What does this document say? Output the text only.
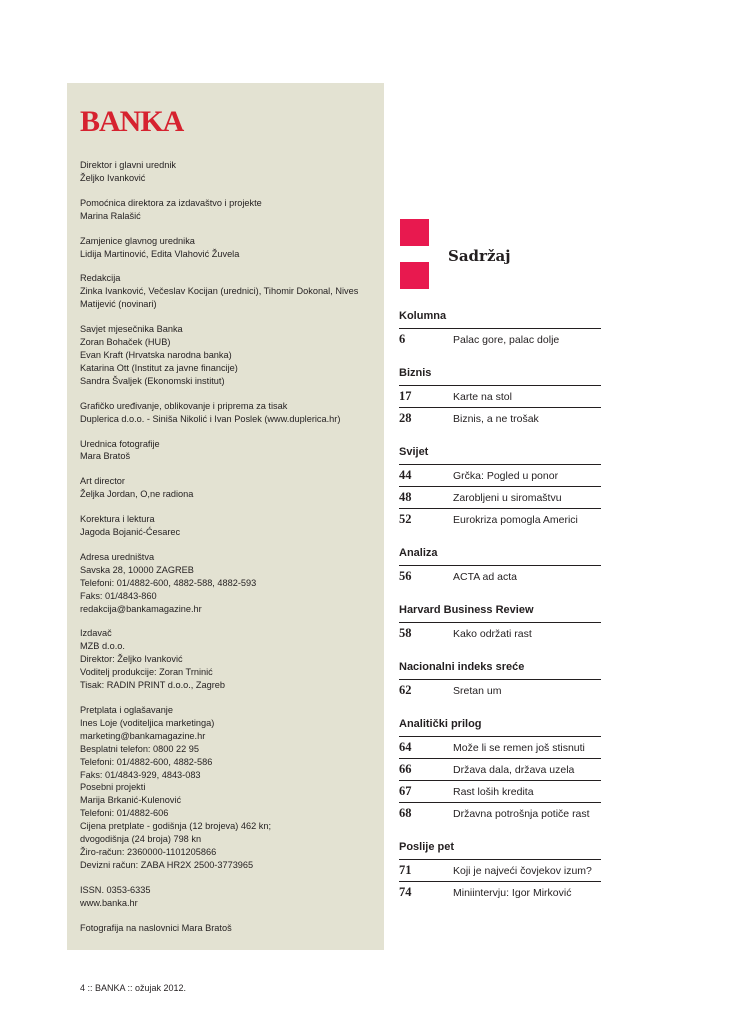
BANKA
Direktor i glavni urednik
Željko Ivanković
Pomoćnica direktora za izdavaštvo i projekte
Marina Ralašić
Zamjenice glavnog urednika
Lidija Martinović, Edita Vlahović Žuvela
Redakcija
Zinka Ivanković, Večeslav Kocijan (urednici), Tihomir Dokonal, Nives
Matijević (novinari)
Savjet mjesečnika Banka
Zoran Bohaček (HUB)
Evan Kraft (Hrvatska narodna banka)
Katarina Ott (Institut za javne financije)
Sandra Švaljek (Ekonomski institut)
Grafičko uređivanje, oblikovanje i priprema za tisak
Duplerica d.o.o. - Siniša Nikolić i Ivan Poslek (www.duplerica.hr)
Urednica fotografije
Mara Bratoš
Art director
Željka Jordan, O,ne radiona
Korektura i lektura
Jagoda Bojanić-Ćesarec
Adresa uredništva
Savska 28, 10000 ZAGREB
Telefoni: 01/4882-600, 4882-588, 4882-593
Faks: 01/4843-860
redakcija@bankamagazine.hr
Izdavač
MZB d.o.o.
Direktor: Željko Ivanković
Voditelj produkcije: Zoran Trninić
Tisak: RADIN PRINT d.o.o., Zagreb
Pretplata i oglašavanje
Ines Loje (voditeljica marketinga)
marketing@bankamagazine.hr
Besplatni telefon: 0800 22 95
Telefoni: 01/4882-600, 4882-586
Faks: 01/4843-929, 4843-083
Posebni projekti
Marija Brkanić-Kulenović
Telefoni: 01/4882-606
Cijena pretplate - godišnja (12 brojeva) 462 kn;
dvogodišnja (24 broja) 798 kn
Žiro-račun: 2360000-1101205866
Devizni račun: ZABA HR2X 2500-3773965
ISSN. 0353-6335
www.banka.hr
Fotografija na naslovnici Mara Bratoš
4 :: BANKA :: ožujak 2012.
Sadržaj
Kolumna
6	Palac gore, palac dolje
Biznis
17	Karte na stol
28	Biznis, a ne trošak
Svijet
44	Grčka: Pogled u ponor
48	Zarobljeni u siromaštvu
52	Eurokriza pomogla Americi
Analiza
56	ACTA ad acta
Harvard Business Review
58	Kako održati rast
Nacionalni indeks sreće
62	Sretan um
Analitički prilog
64	Može li se remen još stisnuti
66	Država dala, država uzela
67	Rast loših kredita
68	Državna potrošnja potiče rast
Poslije pet
71	Koji je najveći čovjekov izum?
74	Miniintervju: Igor Mirković
